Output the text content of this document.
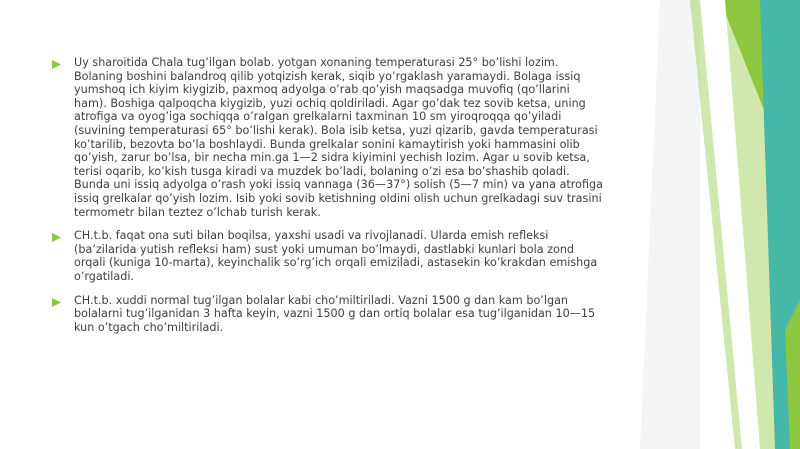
Uy sharoitida Chala tug’ilgan bolab. yotgan xonaning temperaturasi 25° bo’lishi lozim. Bolaning boshini balandroq qilib yotqizish kerak, siqib yo’rgaklash yaramaydi. Bolaga issiq yumshoq ich kiyim kiygizib, paxmoq adyolga o’rab qo’yish maqsadga muvofiq (qo’llarini ham). Boshiga qalpoqcha kiygizib, yuzi ochiq qoldiriladi. Agar go’dak tez sovib ketsa, uning atrofiga va oyog’iga sochiqqa o’ralgan grelkalarni taxminan 10 sm yiroqroqqa qo’yiladi (suvining temperaturasi 65° bo’lishi kerak). Bola isib ketsa, yuzi qizarib, gavda temperaturasi ko’tarilib, bezovta bo’la boshlaydi. Bunda grelkalar sonini kamaytirish yoki hammasini olib qo’yish, zarur bo’lsa, bir necha min.ga 1—2 sidra kiyimini yechish lozim. Agar u sovib ketsa, terisi oqarib, ko’kish tusga kiradi va muzdek bo’ladi, bolaning o’zi esa bo’shashib qoladi. Bunda uni issiq adyolga o’rash yoki issiq vannaga (36—37°) solish (5—7 min) va yana atrofiga issiq grelkalar qo’yish lozim. Isib yoki sovib ketishning oldini olish uchun grelkadagi suv trasini termometr bilan teztez o’lchab turish kerak.
CH.t.b. faqat ona suti bilan boqilsa, yaxshi usadi va rivojlanadi. Ularda emish refleksi (ba’zilarida yutish refleksi ham) sust yoki umuman bo’lmaydi, dastlabki kunlari bola zond orqali (kuniga 10-marta), keyinchalik so’rg’ich orqali emiziladi, astasekin ko’krakdan emishga o’rgatiladi.
CH.t.b. xuddi normal tug’ilgan bolalar kabi cho’miltiriladi. Vazni 1500 g dan kam bo’lgan bolalarni tug’ilganidan 3 hafta keyin, vazni 1500 g dan ortiq bolalar esa tug’ilganidan 10—15 kun o’tgach cho’miltiriladi.
